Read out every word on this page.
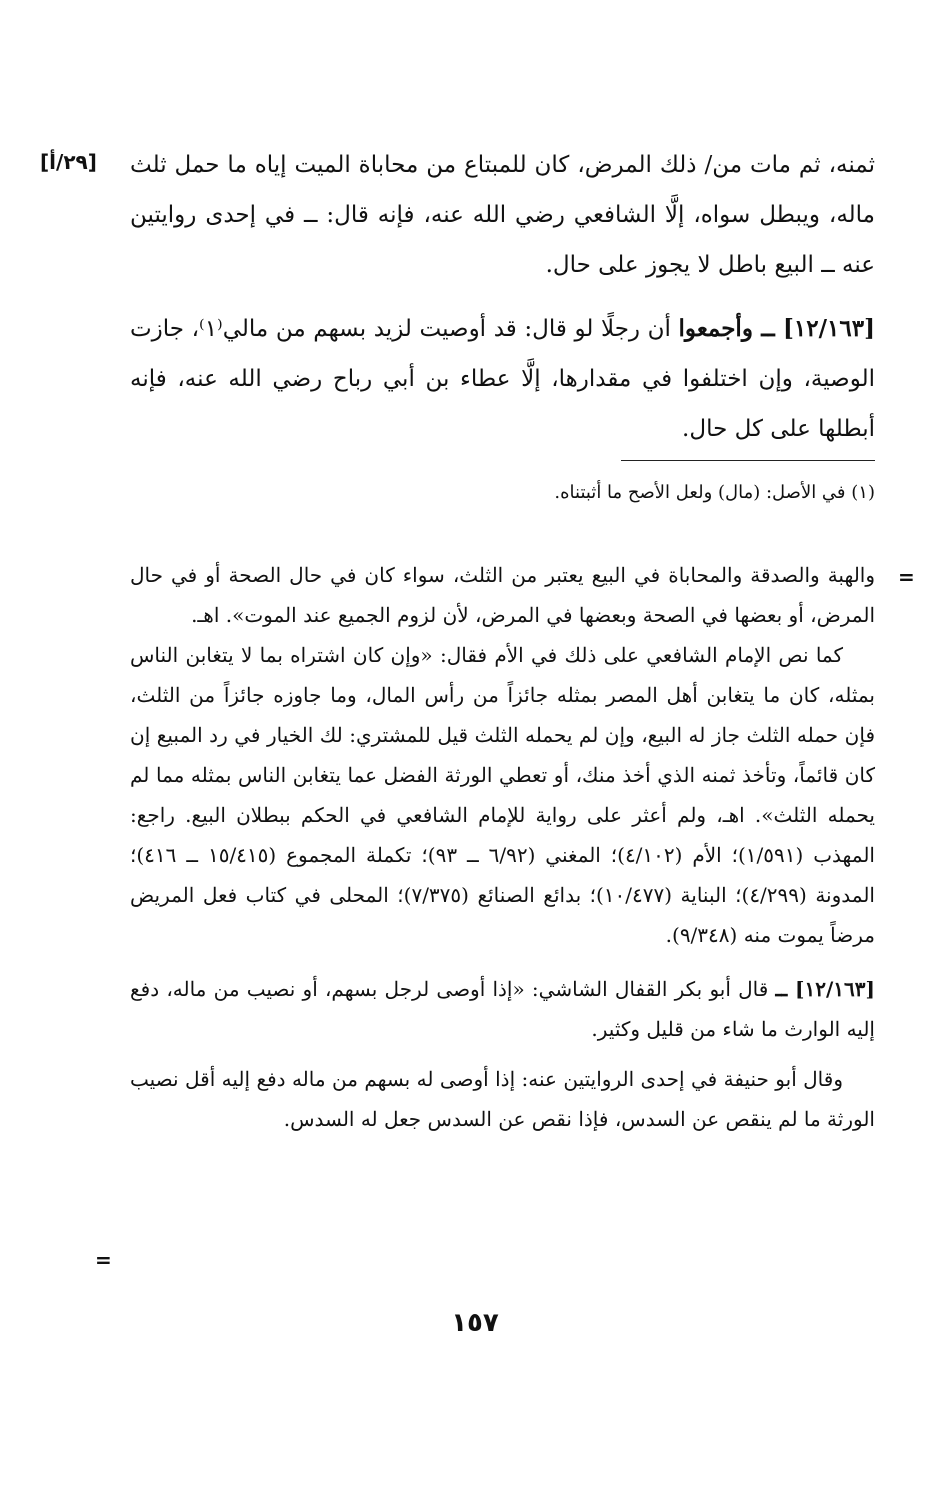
[٢٩/أ] ثمنه، ثم مات من/ ذلك المرض، كان للمبتاع من محاباة الميت إياه ما حمل ثلث ماله، ويبطل سواه، إلَّا الشافعي رضي الله عنه، فإنه قال: ــ في إحدى روايتين عنه ــ البيع باطل لا يجوز على حال.

[١٢/١٦٣] ــ وأجمعوا أن رجلًا لو قال: قد أوصيت لزيد بسهم من مالي⁽١⁾، جازت الوصية، وإن اختلفوا في مقدارها، إلَّا عطاء بن أبي رباح رضي الله عنه، فإنه أبطلها على كل حال.

(١) في الأصل: (مال) ولعل الأصح ما أثبتناه.

=

والهبة والصدقة والمحاباة في البيع يعتبر من الثلث، سواء كان في حال الصحة أو في حال المرض، أو بعضها في الصحة وبعضها في المرض، لأن لزوم الجميع عند الموت». اهـ.

كما نص الإمام الشافعي على ذلك في الأم فقال: «وإن كان اشتراه بما لا يتغابن الناس بمثله، كان ما يتغابن أهل المصر بمثله جائزاً من رأس المال، وما جاوزه جائزاً من الثلث، فإن حمله الثلث جاز له البيع، وإن لم يحمله الثلث قيل للمشتري: لك الخيار في رد المبيع إن كان قائماً، وتأخذ ثمنه الذي أخذ منك، أو تعطي الورثة الفضل عما يتغابن الناس بمثله مما لم يحمله الثلث». اهـ، ولم أعثر على رواية للإمام الشافعي في الحكم ببطلان البيع. راجع: المهذب (١/٥٩١)؛ الأم (٤/١٠٢)؛ المغني (٦/٩٢ ــ ٩٣)؛ تكملة المجموع (١٥/٤١٥ ــ ٤١٦)؛ المدونة (٤/٢٩٩)؛ البناية (١٠/٤٧٧)؛ بدائع الصنائع (٧/٣٧٥)؛ المحلى في كتاب فعل المريض مرضاً يموت منه (٩/٣٤٨).

[١٢/١٦٣] ــ قال أبو بكر القفال الشاشي: «إذا أوصى لرجل بسهم، أو نصيب من ماله، دفع إليه الوارث ما شاء من قليل وكثير.

وقال أبو حنيفة في إحدى الروايتين عنه: إذا أوصى له بسهم من ماله دفع إليه أقل نصيب الورثة ما لم ينقص عن السدس، فإذا نقص عن السدس جعل له السدس.

=
١٥٧
